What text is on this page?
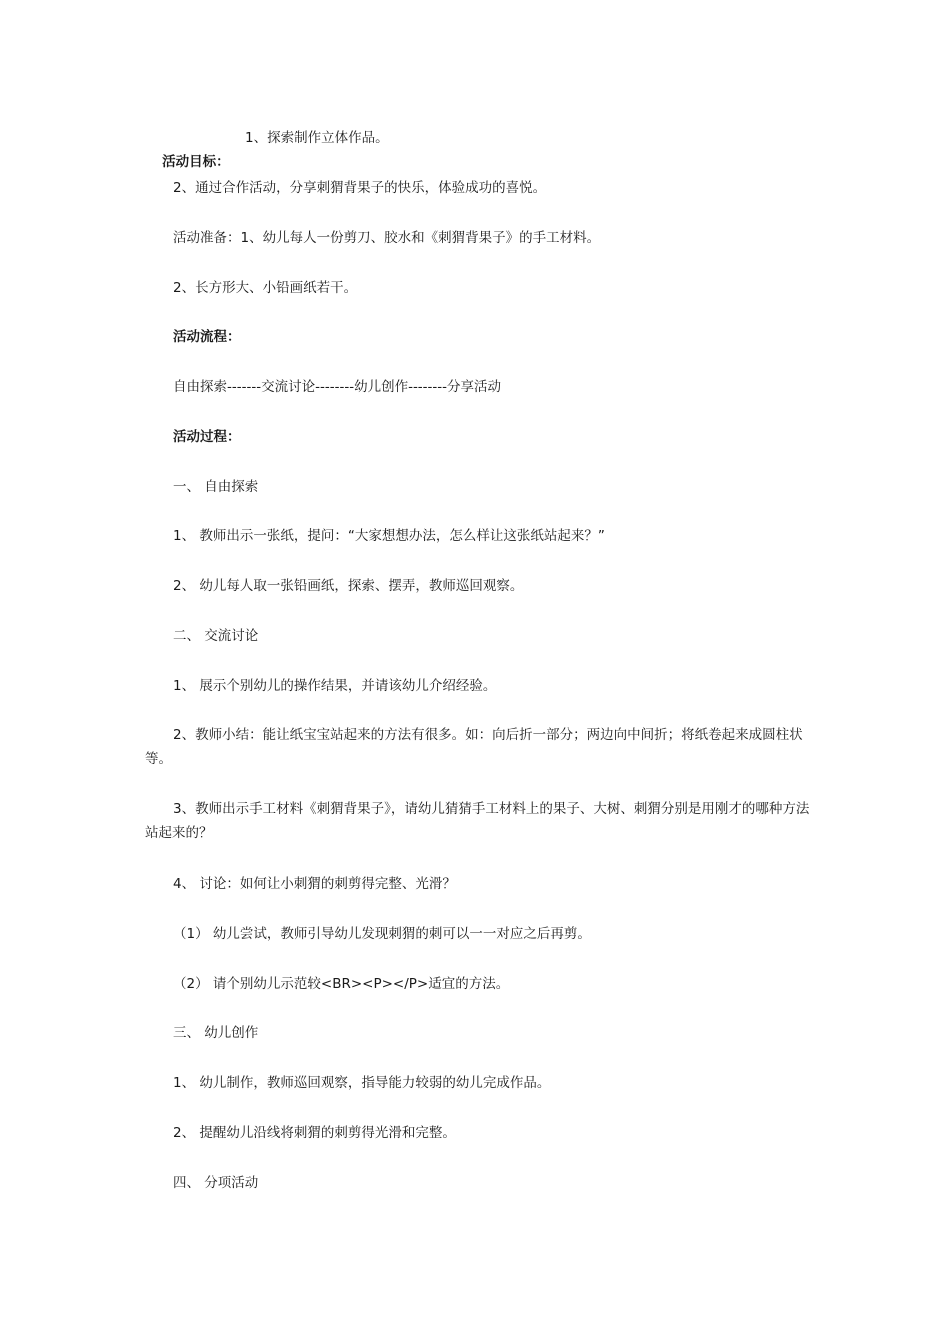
活动目标：

1、探索制作立体作品。

2、通过合作活动，分享刺猬背果子的快乐，体验成功的喜悦。

活动准备：1、幼儿每人一份剪刀、胶水和《刺猬背果子》的手工材料。

2、长方形大、小铅画纸若干。

活动流程：

自由探索-------交流讨论--------幼儿创作--------分享活动

活动过程：

一、 自由探索

1、 教师出示一张纸，提问：“大家想想办法，怎么样让这张纸站起来？”

2、 幼儿每人取一张铅画纸，探索、摆弄，教师巡回观察。

二、 交流讨论

1、 展示个别幼儿的操作结果，并请该幼儿介绍经验。

2、教师小结：能让纸宝宝站起来的方法有很多。如：向后折一部分；两边向中间折；将纸卷起来成圆柱状等。

3、教师出示手工材料《刺猬背果子》，请幼儿猜猜手工材料上的果子、大树、刺猬分别是用刚才的哪种方法站起来的？

4、 讨论：如何让小刺猬的刺剪得完整、光滑？

（1） 幼儿尝试，教师引导幼儿发现刺猬的刺可以一一对应之后再剪。

（2） 请个别幼儿示范较<BR><P></P>适宜的方法。

三、 幼儿创作

1、 幼儿制作，教师巡回观察，指导能力较弱的幼儿完成作品。

2、 提醒幼儿沿线将刺猬的刺剪得光滑和完整。

四、 分项活动
